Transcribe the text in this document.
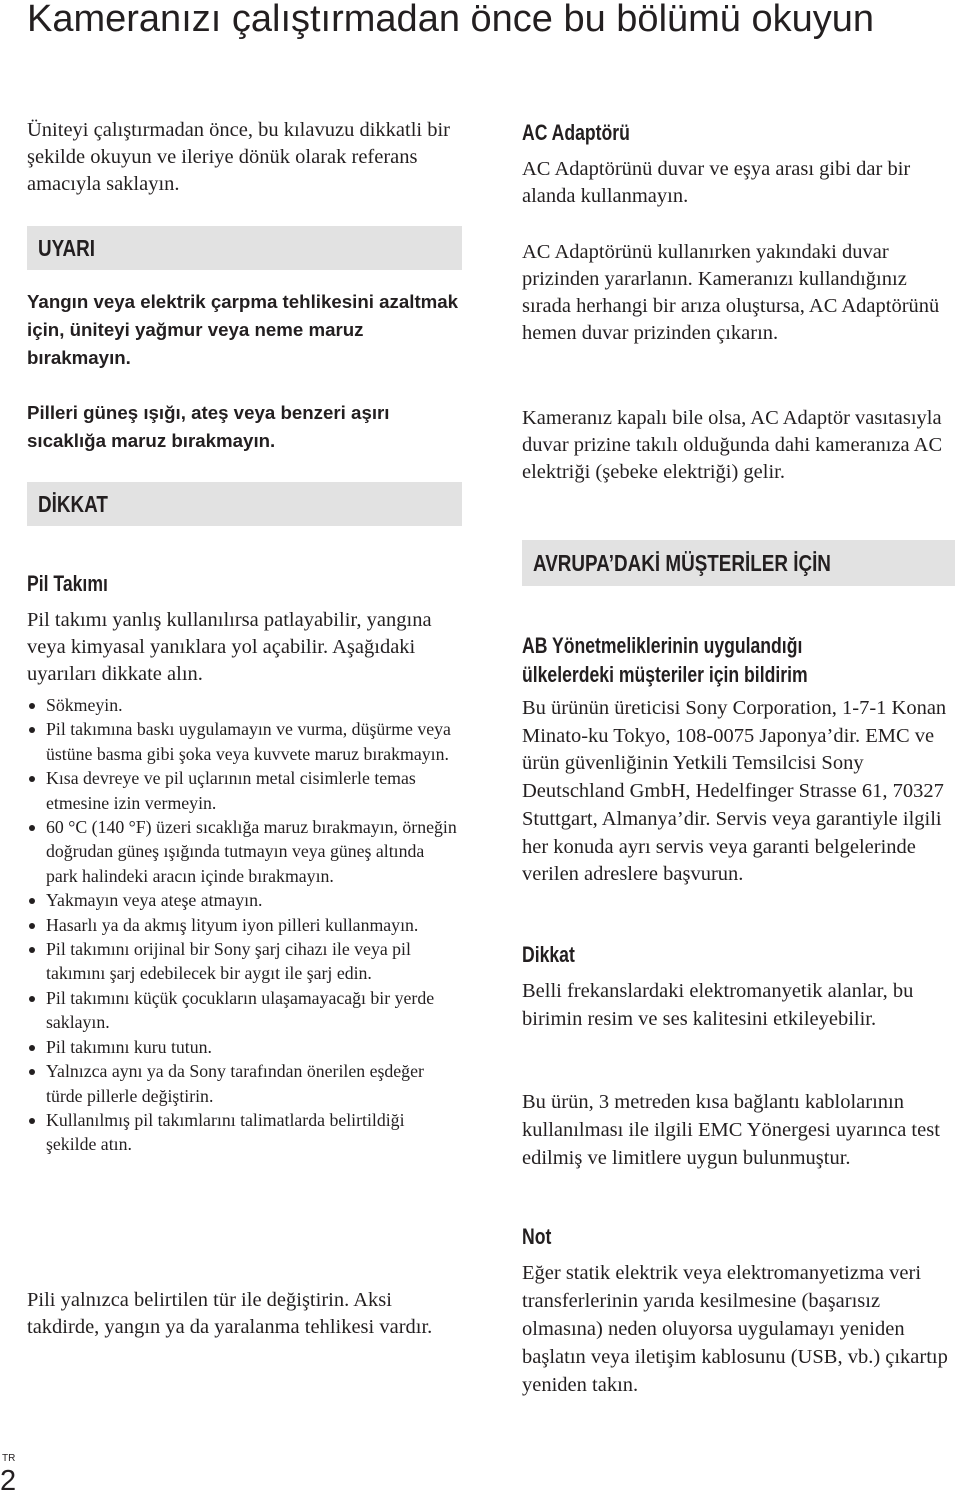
Kameranızı çalıştırmadan önce bu bölümü okuyun

Üniteyi çalıştırmadan önce, bu kılavuzu dikkatli bir şekilde okuyun ve ileriye dönük olarak referans amacıyla saklayın.

UYARI

Yangın veya elektrik çarpma tehlikesini azaltmak için, üniteyi yağmur veya neme maruz bırakmayın.

Pilleri güneş ışığı, ateş veya benzeri aşırı sıcaklığa maruz bırakmayın.

DİKKAT
Pil Takımı

Pil takımı yanlış kullanılırsa patlayabilir, yangına veya kimyasal yanıklara yol açabilir. Aşağıdaki uyarıları dikkate alın.

Sökmeyin.
Pil takımına baskı uygulamayın ve vurma, düşürme veya üstüne basma gibi şoka veya kuvvete maruz bırakmayın.
Kısa devreye ve pil uçlarının metal cisimlerle temas etmesine izin vermeyin.
60 °C (140 °F) üzeri sıcaklığa maruz bırakmayın, örneğin doğrudan güneş ışığında tutmayın veya güneş altında park halindeki aracın içinde bırakmayın.
Yakmayın veya ateşe atmayın.
Hasarlı ya da akmış lityum iyon pilleri kullanmayın.
Pil takımını orijinal bir Sony şarj cihazı ile veya pil takımını şarj edebilecek bir aygıt ile şarj edin.
Pil takımını küçük çocukların ulaşamayacağı bir yerde saklayın.
Pil takımını kuru tutun.
Yalnızca aynı ya da Sony tarafından önerilen eşdeğer türde pillerle değiştirin.
Kullanılmış pil takımlarını talimatlarda belirtildiği şekilde atın.

Pili yalnızca belirtilen tür ile değiştirin. Aksi takdirde, yangın ya da yaralanma tehlikesi vardır.

AC Adaptörü

AC Adaptörünü duvar ve eşya arası gibi dar bir alanda kullanmayın.

AC Adaptörünü kullanırken yakındaki duvar prizinden yararlanın. Kameranızı kullandığınız sırada herhangi bir arıza oluştursa, AC Adaptörünü hemen duvar prizinden çıkarın.

Kameranız kapalı bile olsa, AC Adaptör vasıtasıyla duvar prizine takılı olduğunda dahi kameranıza AC elektriği (şebeke elektriği) gelir.

AVRUPA’DAKİ MÜŞTERİLER İÇİN
AB Yönetmeliklerinin uygulandığı ülkelerdeki müşteriler için bildirim

Bu ürünün üreticisi Sony Corporation, 1-7-1 Konan Minato-ku Tokyo, 108-0075 Japonya’dir. EMC ve ürün güvenliğinin Yetkili Temsilcisi Sony Deutschland GmbH, Hedelfinger Strasse 61, 70327 Stuttgart, Almanya’dir. Servis veya garantiyle ilgili her konuda ayrı servis veya garanti belgelerinde verilen adreslere başvurun.

Dikkat

Belli frekanslardaki elektromanyetik alanlar, bu birimin resim ve ses kalitesini etkileyebilir.

Bu ürün, 3 metreden kısa bağlantı kablolarının kullanılması ile ilgili EMC Yönergesi uyarınca test edilmiş ve limitlere uygun bulunmuştur.

Not

Eğer statik elektrik veya elektromanyetizma veri transferlerinin yarıda kesilmesine (başarısız olmasına) neden oluyorsa uygulamayı yeniden başlatın veya iletişim kablosunu (USB, vb.) çıkartıp yeniden takın.

TR
2
